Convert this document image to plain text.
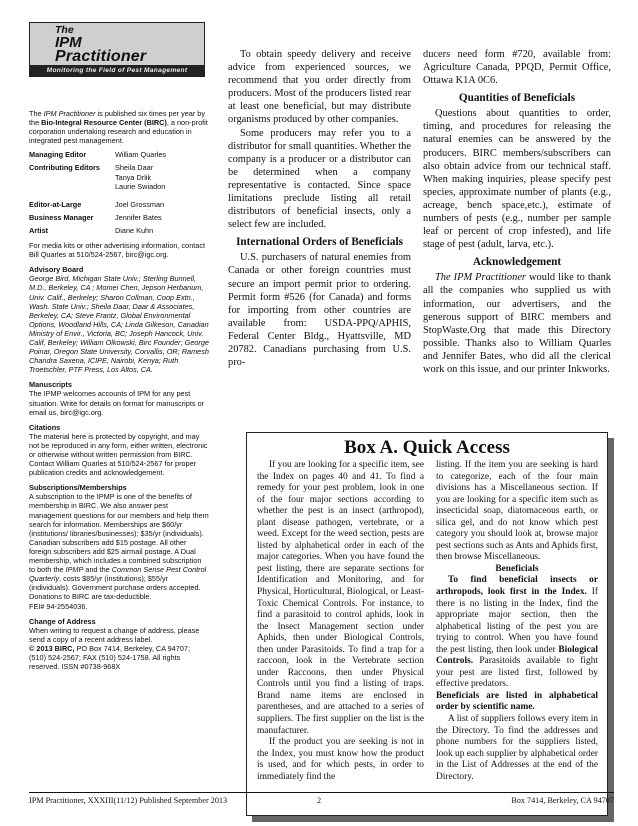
The
IPM
Practitioner
Monitoring the Field of Pest Management
The IPM Practitioner is published six times per year by the Bio-Integral Resource Center (BIRC), a non-profit corporation undertaking research and education in integrated pest management.
Managing Editor	William Quarles
Contributing Editors	Sheila Daar
Tanya Drlik
Laurie Swiadon
Editor-at-Large	Joel Grossman
Business Manager	Jennifer Bates
Artist	Diane Kuhn
For media kits or other advertising information, contact Bill Quarles at 510/524-2567, birc@igc.org.
Advisory Board
George Bird, Michigan State Univ.; Sterling Bunnell, M.D., Berkeley, CA ; Momei Chen, Jepson Herbarium, Univ. Calif., Berkeley; Sharon Collman, Coop Extn., Wash. State Univ.; Sheila Daar, Daar & Associates, Berkeley, CA; Steve Frantz, Global Environmental Options, Woodland Hills, CA; Linda Gilkeson, Canadian Ministry of Envir., Victoria, BC; Joseph Hancock, Univ. Calif, Berkeley; William Olkowski, Birc Founder; George Poinar, Oregon State University, Corvallis, OR; Ramesh Chandra Saxena, ICIPE, Nairobi, Kenya; Ruth Troetschler, PTF Press, Los Altos, CA.
Manuscripts
The IPMP welcomes accounts of IPM for any pest situation. Write for details on format for manuscripts or email us, birc@igc.org.
Citations
The material here is protected by copyright, and may not be reproduced in any form, either written, electronic or otherwise without written permission from BIRC. Contact William Quarles at 510/524-2567 for proper publication credits and acknowledgement.
Subscriptions/Memberships
A subscription to the IPMP is one of the benefits of membership in BIRC. We also answer pest management questions for our members and help them search for information. Memberships are $60/yr (institutions/ libraries/businesses); $35/yr (individuals). Canadian subscribers add $15 postage. All other foreign subscribers add $25 airmail postage. A Dual membership, which includes a combined subscription to both the IPMP and the Common Sense Pest Control Quarterly, costs $85/yr (institutions); $55/yr (individuals). Government purchase orders accepted. Donations to BIRC are tax-deductible.
FEI# 94-2554036.
Change of Address
When writing to request a change of address, please send a copy of a recent address label.
© 2013 BIRC, PO Box 7414, Berkeley, CA 94707; (510) 524-2567; FAX (510) 524-1758. All rights reserved. ISSN #0738-968X

To obtain speedy delivery and receive advice from experienced sources, we recommend that you order directly from producers. Most of the producers listed rear at least one beneficial, but may distribute organisms produced by other companies.

Some producers may refer you to a distributor for small quantities. Whether the company is a producer or a distributor can be determined when a company representative is contacted. Since space limitations preclude listing all retail distributors of beneficial insects, only a select few are included.

International Orders of Beneficials

U.S. purchasers of natural enemies from Canada or other foreign countries must secure an import permit prior to ordering. Permit form #526 (for Canada) and forms for importing from other countries are available from: USDA-PPQ/APHIS, Federal Center Bldg., Hyattsville, MD 20782. Canadians purchasing from U.S. pro-

ducers need form #720, available from: Agriculture Canada, PPQD, Permit Office, Ottawa K1A 0C6.

Quantities of Beneficials

Questions about quantities to order, timing, and procedures for releasing the natural enemies can be answered by the producers. BIRC members/subscribers can also obtain advice from our technical staff. When making inquiries, please specify pest species, approximate number of plants (e.g., acreage, bench space,etc.), estimate of numbers of pests (e.g., number per sample leaf or percent of crop infested), and life stage of pest (adult, larva, etc.).

Acknowledgement

The IPM Practitioner would like to thank all the companies who supplied us with information, our advertisers, and the generous support of BIRC members and StopWaste.Org that made this Directory possible. Thanks also to William Quarles and Jennifer Bates, who did all the clerical work on this issue, and our printer Inkworks.

Box A. Quick Access

If you are looking for a specific item, see the Index on pages 40 and 41. To find a remedy for your pest problem, look in one of the four major sections according to whether the pest is an insect (arthropod), plant disease pathogen, vertebrate, or a weed. Except for the weed section, pests are listed by alphabetical order in each of the major categories. When you have found the pest listing, there are separate sections for Identification and Monitoring, and for Physical, Horticultural, Biological, or Least-Toxic Chemical Controls. For instance, to find a parasitoid to control aphids, look in the Insect Management section under Aphids, then under Biological Controls, then under Parasitoids. To find a trap for a raccoon, look in the Vertebrate section under Raccoons, then under Physical Controls until you find a listing of traps. Brand name items are enclosed in parentheses, and are attached to a series of suppliers. The first supplier on the list is the manufacturer.

If the product you are seeking is not in the Index, you must know how the product is used, and for which pests, in order to immediately find the

listing. If the item you are seeking is hard to categorize, each of the four main divisions has a Miscellaneous section. If you are looking for a specific item such as insecticidal soap, diatomaceous earth, or silica gel, and do not know which pest category you should look at, browse major pest sections such as Ants and Aphids first, then browse Miscellaneous.

Beneficials

To find beneficial insects or arthropods, look first in the Index. If there is no listing in the Index, find the appropriate major section, then the alphabetical listing of the pest you are trying to control. When you have found the pest listing, then look under Biological Controls. Parasitoids available to fight your pest are listed first, followed by effective predators.

Beneficials are listed in alphabetical order by scientific name.

A list of suppliers follows every item in the Directory. To find the addresses and phone numbers for the suppliers listed, look up each supplier by alphabetical order in the List of Addresses at the end of the Directory.

IPM Practitioner, XXXIII(11/12) Published September 2013	2	Box 7414, Berkeley, CA 94707
